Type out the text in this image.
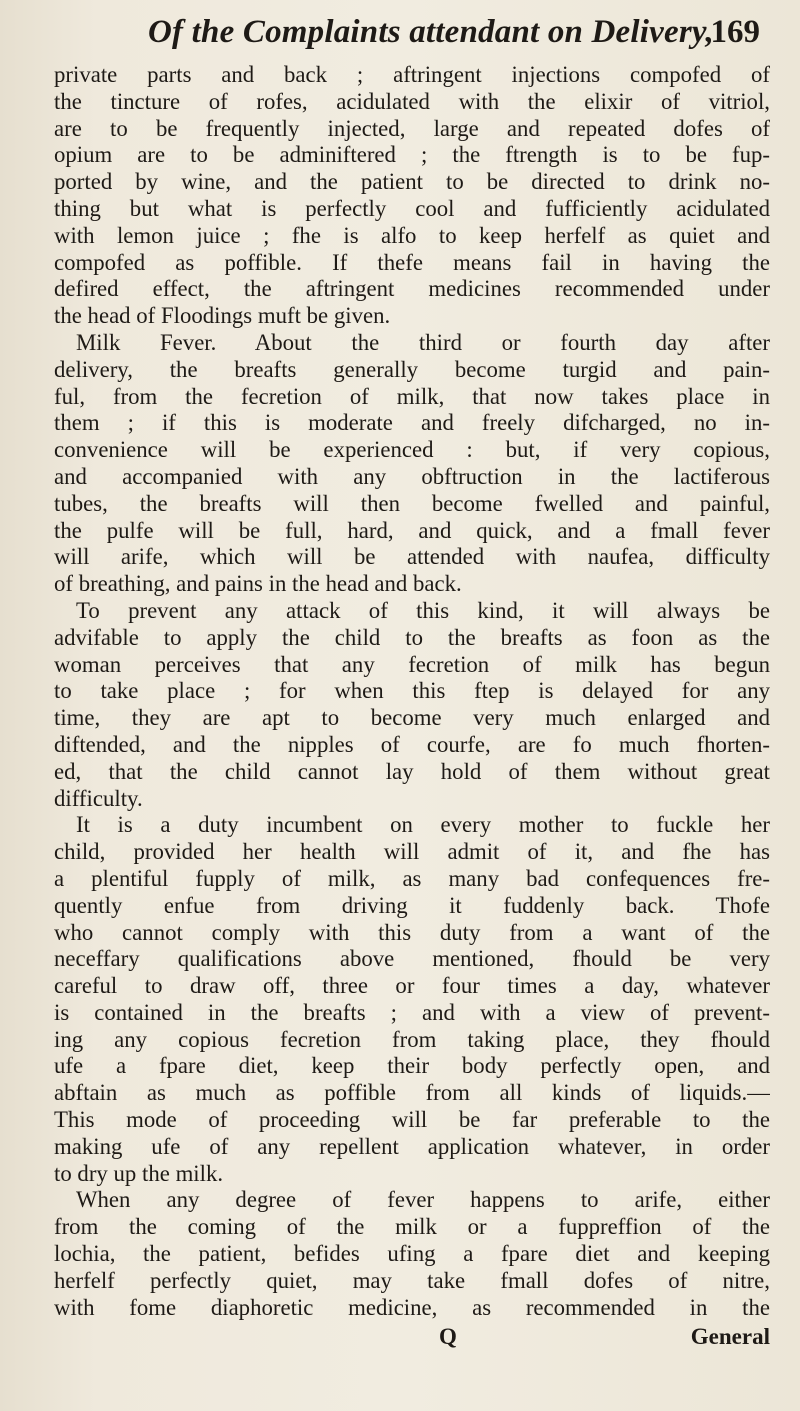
Of the Complaints attendant on Delivery,
169
private parts and back ; aftringent injections compofed of
the tincture of rofes, acidulated with the elixir of vitriol,
are to be frequently injected, large and repeated dofes of
opium are to be adminiftered ; the ftrength is to be fup-
ported by wine, and the patient to be directed to drink no-
thing but what is perfectly cool and fufficiently acidulated
with lemon juice ; fhe is alfo to keep herfelf as quiet and
compofed as poffible. If thefe means fail in having the
defired effect, the aftringent medicines recommended under
the head of Floodings muft be given.
Milk Fever. About the third or fourth day after
delivery, the breafts generally become turgid and pain-
ful, from the fecretion of milk, that now takes place in
them ; if this is moderate and freely difcharged, no in-
convenience will be experienced : but, if very copious,
and accompanied with any obftruction in the lactiferous
tubes, the breafts will then become fwelled and painful,
the pulfe will be full, hard, and quick, and a fmall fever
will arife, which will be attended with naufea, difficulty
of breathing, and pains in the head and back.
To prevent any attack of this kind, it will always be
advifable to apply the child to the breafts as foon as the
woman perceives that any fecretion of milk has begun
to take place ; for when this ftep is delayed for any
time, they are apt to become very much enlarged and
diftended, and the nipples of courfe, are fo much fhorten-
ed, that the child cannot lay hold of them without great
difficulty.
It is a duty incumbent on every mother to fuckle her
child, provided her health will admit of it, and fhe has
a plentiful fupply of milk, as many bad confequences fre-
quently enfue from driving it fuddenly back. Thofe
who cannot comply with this duty from a want of the
neceffary qualifications above mentioned, fhould be very
careful to draw off, three or four times a day, whatever
is contained in the breafts ; and with a view of prevent-
ing any copious fecretion from taking place, they fhould
ufe a fpare diet, keep their body perfectly open, and
abftain as much as poffible from all kinds of liquids.—
This mode of proceeding will be far preferable to the
making ufe of any repellent application whatever, in order
to dry up the milk.
When any degree of fever happens to arife, either
from the coming of the milk or a fuppreffion of the
lochia, the patient, befides ufing a fpare diet and keeping
herfelf perfectly quiet, may take fmall dofes of nitre,
with fome diaphoretic medicine, as recommended in the
Q	General
